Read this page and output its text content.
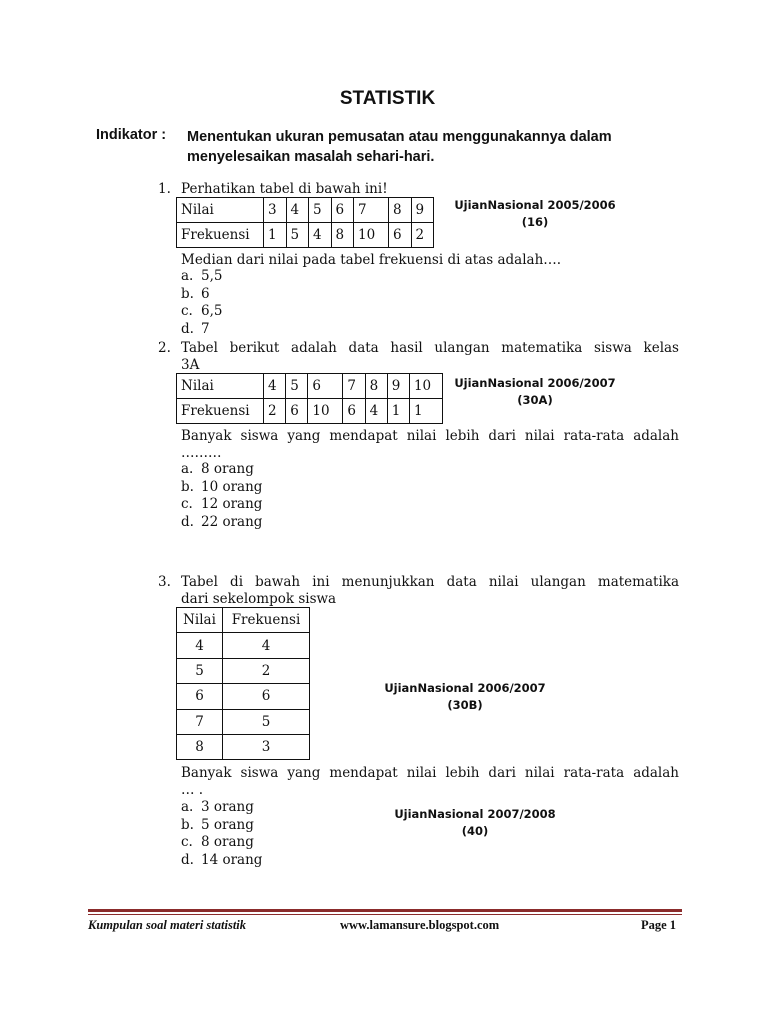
STATISTIK
Indikator : Menentukan ukuran pemusatan atau menggunakannya dalam
menyelesaikan masalah sehari-hari.
1. Perhatikan tabel di bawah ini!
Nilai	3	4	5	6	7	8	9
Frekuensi	1	5	4	8	10	6	2
UjianNasional 2005/2006
(16)
Median dari nilai pada tabel frekuensi di atas adalah….
a. 5,5
b. 6
c. 6,5
d. 7
2. Tabel berikut adalah data hasil ulangan matematika siswa kelas
3A
Nilai	4	5	6	7	8	9	10
Frekuensi	2	6	10	6	4	1	1
UjianNasional 2006/2007
(30A)
Banyak siswa yang mendapat nilai lebih dari nilai rata-rata adalah
………
a. 8 orang
b. 10 orang
c. 12 orang
d. 22 orang
3. Tabel di bawah ini menunjukkan data nilai ulangan matematika
dari sekelompok siswa
Nilai	Frekuensi
4	4
5	2
6	6
7	5
8	3
UjianNasional 2006/2007
(30B)
Banyak siswa yang mendapat nilai lebih dari nilai rata-rata adalah
… .
a. 3 orang
b. 5 orang
c. 8 orang
d. 14 orang
UjianNasional 2007/2008
(40)
Kumpulan soal materi statistik	www.lamansure.blogspot.com	Page 1
